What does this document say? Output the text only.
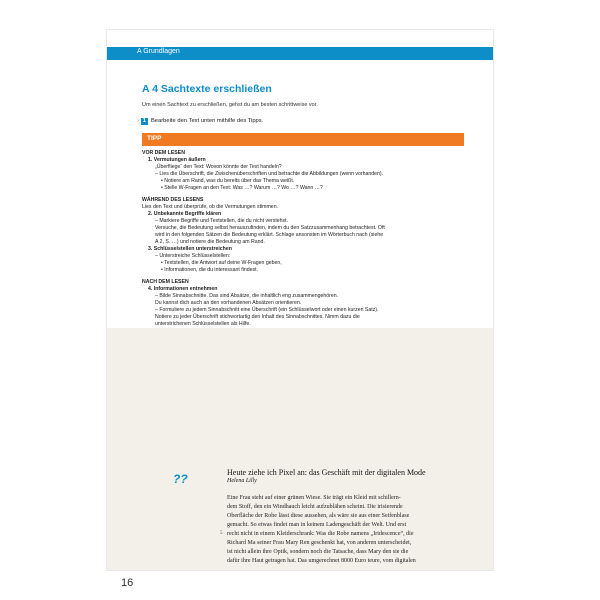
A Grundlagen
A 4 Sachtexte erschließen
Um einen Sachtext zu erschließen, gehst du am besten schrittweise vor.
› 1 Bearbeite den Text unten mithilfe des Tipps.
TIPP
VOR DEM LESEN
1. Vermutungen äußern
„Überfliege“ den Text: Wovon könnte der Text handeln?
– Lies die Überschrift, die Zwischenüberschriften und betrachte die Abbildungen (wenn vorhanden).
• Notiere am Rand, was du bereits über das Thema weißt.
• Stelle W-Fragen an den Text: Was …? Warum …? Wo …? Wann …?
WÄHREND DES LESENS
Lies den Text und überprüfe, ob die Vermutungen stimmen.
2. Unbekannte Begriffe klären
– Markiere Begriffe und Textstellen, die du nicht verstehst.
Versuche, die Bedeutung selbst herauszufinden, indem du den Satzzusammenhang betrachtest. Oft
wird in den folgenden Sätzen die Bedeutung erklärt. Schlage ansonsten im Wörterbuch nach (siehe
A 2, S. …) und notiere die Bedeutung am Rand.
3. Schlüsselstellen unterstreichen
– Unterstreiche Schlüsselstellen:
• Textstellen, die Antwort auf deine W-Fragen geben,
• Informationen, die du interessant findest.
NACH DEM LESEN
4. Informationen entnehmen
– Bilde Sinnabschnitte. Das sind Absätze, die inhaltlich eng zusammengehören.
Du kannst dich auch an den vorhandenen Absätzen orientieren.
– Formuliere zu jedem Sinnabschnitt eine Überschrift (ein Schlüsselwort oder einen kurzen Satz).
Notiere zu jeder Überschrift stichwortartig den Inhalt des Sinnabschnittes. Nimm dazu die
unterstrichenen Schlüsselstellen als Hilfe.
??	Heute ziehe ich Pixel an: das Geschäft mit der digitalen Mode
Helena Lilly
5
Eine Frau steht auf einer grünen Wiese. Sie trägt ein Kleid mit schillern-
dem Stoff, den ein Windhauch leicht aufzublähen scheint. Die irisierende
Oberfläche der Robe lässt diese aussehen, als wäre sie aus einer Seifenblase
gemacht. So etwas findet man in keinem Ladengeschäft der Welt. Und erst
recht nicht in einem Kleiderschrank: Was die Robe namens „Iridescence“, die
Richard Ma seiner Frau Mary Ren geschenkt hat, von anderen unterscheidet,
ist nicht allein ihre Optik, sondern noch die Tatsache, dass Mary den sie die
dafür ihre Haut getragen hat. Das umgerechnet 8000 Euro teure, vom digitalen
16
